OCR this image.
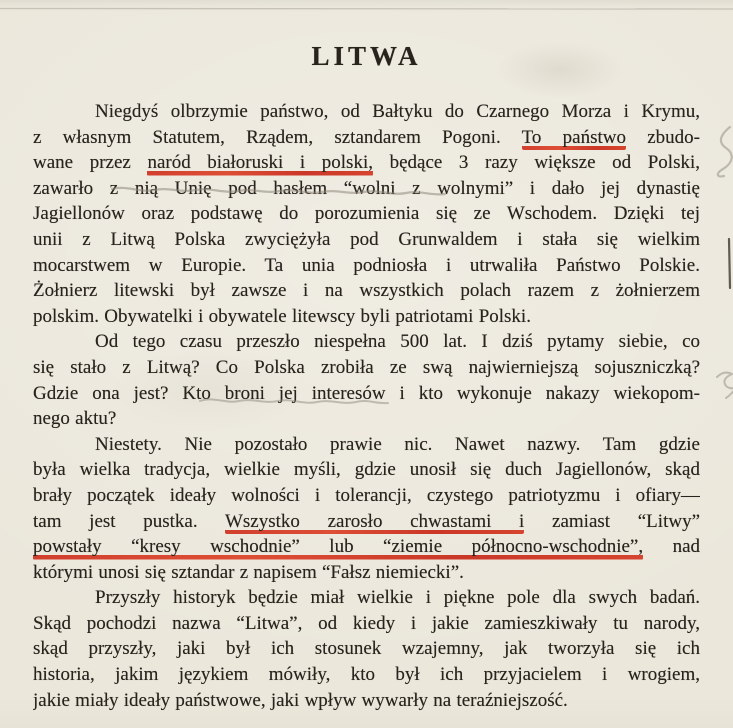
LITWA
Niegdyś olbrzymie państwo, od Bałtyku do Czarnego Morza i Krymu,
z własnym Statutem, Rządem, sztandarem Pogoni. To państwo zbudo-
wane przez naród białoruski i polski, będące 3 razy większe od Polski,
zawarło z nią Unię pod hasłem “wolni z wolnymi” i dało jej dynastię
Jagiellonów oraz podstawę do porozumienia się ze Wschodem. Dzięki tej
unii z Litwą Polska zwyciężyła pod Grunwaldem i stała się wielkim
mocarstwem w Europie. Ta unia podniosła i utrwaliła Państwo Polskie.
Żołnierz litewski był zawsze i na wszystkich polach razem z żołnierzem
polskim. Obywatelki i obywatele litewscy byli patriotami Polski.
Od tego czasu przeszło niespełna 500 lat. I dziś pytamy siebie, co
się stało z Litwą? Co Polska zrobiła ze swą najwierniejszą sojuszniczką?
Gdzie ona jest? Kto broni jej interesów i kto wykonuje nakazy wiekopom-
nego aktu?
Niestety. Nie pozostało prawie nic. Nawet nazwy. Tam gdzie
była wielka tradycja, wielkie myśli, gdzie unosił się duch Jagiellonów, skąd
brały początek ideały wolności i tolerancji, czystego patriotyzmu i ofiary—
tam jest pustka. Wszystko zarosło chwastami i zamiast “Litwy”
powstały “kresy wschodnie” lub “ziemie północno-wschodnie”, nad
którymi unosi się sztandar z napisem “Fałsz niemiecki”.
Przyszły historyk będzie miał wielkie i piękne pole dla swych badań.
Skąd pochodzi nazwa “Litwa”, od kiedy i jakie zamieszkiwały tu narody,
skąd przyszły, jaki był ich stosunek wzajemny, jak tworzyła się ich
historia, jakim językiem mówiły, kto był ich przyjacielem i wrogiem,
jakie miały ideały państwowe, jaki wpływ wywarły na teraźniejszość.
